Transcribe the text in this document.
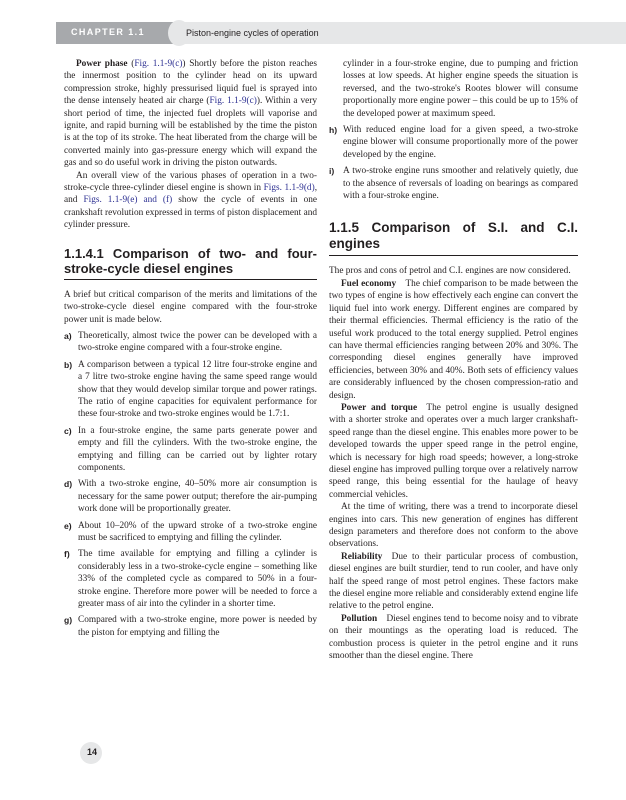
CHAPTER 1.1	Piston-engine cycles of operation

Power phase (Fig. 1.1-9(c)) Shortly before the piston reaches the innermost position to the cylinder head on its upward compression stroke, highly pressurised liquid fuel is sprayed into the dense intensely heated air charge (Fig. 1.1-9(c)). Within a very short period of time, the injected fuel droplets will vaporise and ignite, and rapid burning will be established by the time the piston is at the top of its stroke. The heat liberated from the charge will be converted mainly into gas-pressure energy which will expand the gas and so do useful work in driving the piston outwards.

An overall view of the various phases of operation in a two-stroke-cycle three-cylinder diesel engine is shown in Figs. 1.1-9(d), and Figs. 1.1-9(e) and (f) show the cycle of events in one crankshaft revolution expressed in terms of piston displacement and cylinder pressure.

1.1.4.1 Comparison of two- and four-stroke-cycle diesel engines

A brief but critical comparison of the merits and limitations of the two-stroke-cycle diesel engine compared with the four-stroke power unit is made below.

a) Theoretically, almost twice the power can be developed with a two-stroke engine compared with a four-stroke engine.
b) A comparison between a typical 12 litre four-stroke engine and a 7 litre two-stroke engine having the same speed range would show that they would develop similar torque and power ratings. The ratio of engine capacities for equivalent performance for these four-stroke and two-stroke engines would be 1.7:1.
c) In a four-stroke engine, the same parts generate power and empty and fill the cylinders. With the two-stroke engine, the emptying and filling can be carried out by lighter rotary components.
d) With a two-stroke engine, 40–50% more air consumption is necessary for the same power output; therefore the air-pumping work done will be proportionally greater.
e) About 10–20% of the upward stroke of a two-stroke engine must be sacrificed to emptying and filling the cylinder.
f) The time available for emptying and filling a cylinder is considerably less in a two-stroke-cycle engine – something like 33% of the completed cycle as compared to 50% in a four-stroke engine. Therefore more power will be needed to force a greater mass of air into the cylinder in a shorter time.
g) Compared with a two-stroke engine, more power is needed by the piston for emptying and filling the
cylinder in a four-stroke engine, due to pumping and friction losses at low speeds. At higher engine speeds the situation is reversed, and the two-stroke's Rootes blower will consume proportionally more engine power – this could be up to 15% of the developed power at maximum speed.
h) With reduced engine load for a given speed, a two-stroke engine blower will consume proportionally more of the power developed by the engine.
i) A two-stroke engine runs smoother and relatively quietly, due to the absence of reversals of loading on bearings as compared with a four-stroke engine.
1.1.5 Comparison of S.I. and C.I. engines

The pros and cons of petrol and C.I. engines are now considered.

Fuel economy  The chief comparison to be made between the two types of engine is how effectively each engine can convert the liquid fuel into work energy. Different engines are compared by their thermal efficiencies. Thermal efficiency is the ratio of the useful work produced to the total energy supplied. Petrol engines can have thermal efficiencies ranging between 20% and 30%. The corresponding diesel engines generally have improved efficiencies, between 30% and 40%. Both sets of efficiency values are considerably influenced by the chosen compression-ratio and design.

Power and torque  The petrol engine is usually designed with a shorter stroke and operates over a much larger crankshaft-speed range than the diesel engine. This enables more power to be developed towards the upper speed range in the petrol engine, which is necessary for high road speeds; however, a long-stroke diesel engine has improved pulling torque over a relatively narrow speed range, this being essential for the haulage of heavy commercial vehicles.

At the time of writing, there was a trend to incorporate diesel engines into cars. This new generation of engines has different design parameters and therefore does not conform to the above observations.

Reliability  Due to their particular process of combustion, diesel engines are built sturdier, tend to run cooler, and have only half the speed range of most petrol engines. These factors make the diesel engine more reliable and considerably extend engine life relative to the petrol engine.

Pollution  Diesel engines tend to become noisy and to vibrate on their mountings as the operating load is reduced. The combustion process is quieter in the petrol engine and it runs smoother than the diesel engine. There

14
